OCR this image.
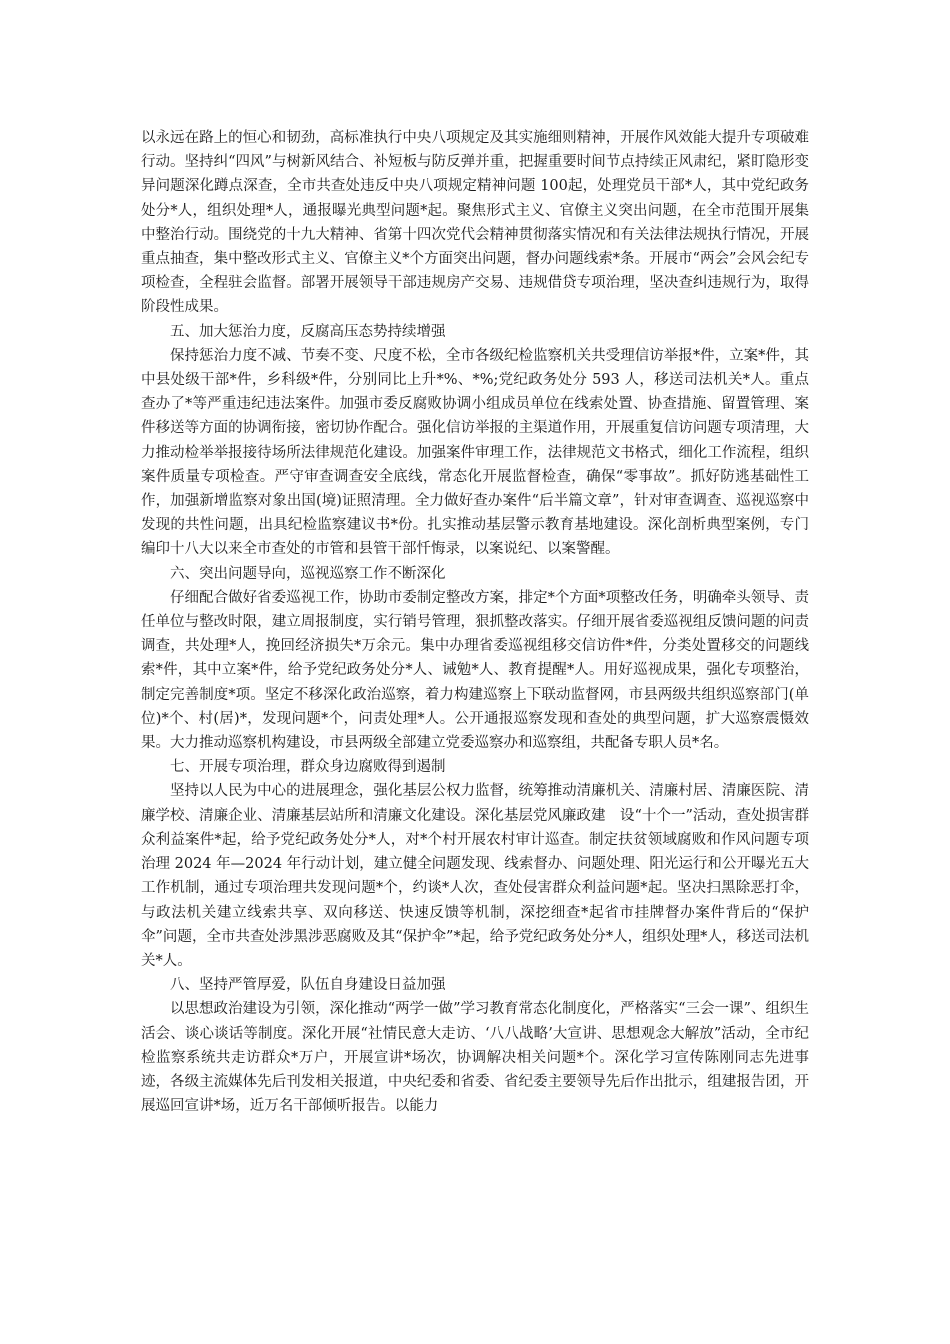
以永远在路上的恒心和韧劲，高标准执行中央八项规定及其实施细则精神，开展作风效能大提升专项破难行动。坚持纠“四风”与树新风结合、补短板与防反弹并重，把握重要时间节点持续正风肃纪，紧盯隐形变异问题深化蹲点深查，全市共查处违反中央八项规定精神问题 100起，处理党员干部*人，其中党纪政务处分*人，组织处理*人，通报曝光典型问题*起。聚焦形式主义、官僚主义突出问题，在全市范围开展集中整治行动。围绕党的十九大精神、省第十四次党代会精神贯彻落实情况和有关法律法规执行情况，开展重点抽查，集中整改形式主义、官僚主义*个方面突出问题，督办问题线索*条。开展市“两会”会风会纪专项检查，全程驻会监督。部署开展领导干部违规房产交易、违规借贷专项治理，坚决查纠违规行为，取得阶段性成果。

五、加大惩治力度，反腐高压态势持续增强

保持惩治力度不减、节奏不变、尺度不松，全市各级纪检监察机关共受理信访举报*件，立案*件，其中县处级干部*件，乡科级*件，分别同比上升*%、*%;党纪政务处分 593 人，移送司法机关*人。重点查办了*等严重违纪违法案件。加强市委反腐败协调小组成员单位在线索处置、协查措施、留置管理、案件移送等方面的协调衔接，密切协作配合。强化信访举报的主渠道作用，开展重复信访问题专项清理，大力推动检举举报接待场所法律规范化建设。加强案件审理工作，法律规范文书格式，细化工作流程，组织案件质量专项检查。严守审查调查安全底线，常态化开展监督检查，确保“零事故”。抓好防逃基础性工作，加强新增监察对象出国(境)证照清理。全力做好查办案件“后半篇文章”，针对审查调查、巡视巡察中发现的共性问题，出具纪检监察建议书*份。扎实推动基层警示教育基地建设。深化剖析典型案例，专门编印十八大以来全市查处的市管和县管干部忏悔录，以案说纪、以案警醒。

六、突出问题导向，巡视巡察工作不断深化

仔细配合做好省委巡视工作，协助市委制定整改方案，排定*个方面*项整改任务，明确牵头领导、责任单位与整改时限，建立周报制度，实行销号管理，狠抓整改落实。仔细开展省委巡视组反馈问题的问责调查，共处理*人，挽回经济损失*万余元。集中办理省委巡视组移交信访件*件，分类处置移交的问题线索*件，其中立案*件，给予党纪政务处分*人、诫勉*人、教育提醒*人。用好巡视成果，强化专项整治，制定完善制度*项。坚定不移深化政治巡察，着力构建巡察上下联动监督网，市县两级共组织巡察部门(单位)*个、村(居)*，发现问题*个，问责处理*人。公开通报巡察发现和查处的典型问题，扩大巡察震慑效果。大力推动巡察机构建设，市县两级全部建立党委巡察办和巡察组，共配备专职人员*名。

七、开展专项治理，群众身边腐败得到遏制

坚持以人民为中心的进展理念，强化基层公权力监督，统筹推动清廉机关、清廉村居、清廉医院、清廉学校、清廉企业、清廉基层站所和清廉文化建设。深化基层党风廉政建　设“十个一”活动，查处损害群众利益案件*起，给予党纪政务处分*人，对*个村开展农村审计巡查。制定扶贫领域腐败和作风问题专项治理 2024 年—2024 年行动计划，建立健全问题发现、线索督办、问题处理、阳光运行和公开曝光五大工作机制，通过专项治理共发现问题*个，约谈*人次，查处侵害群众利益问题*起。坚决扫黑除恶打伞，与政法机关建立线索共享、双向移送、快速反馈等机制，深挖细查*起省市挂牌督办案件背后的“保护伞”问题，全市共查处涉黑涉恶腐败及其“保护伞”*起，给予党纪政务处分*人，组织处理*人，移送司法机关*人。

八、坚持严管厚爱，队伍自身建设日益加强

以思想政治建设为引领，深化推动“两学一做”学习教育常态化制度化，严格落实“三会一课”、组织生活会、谈心谈话等制度。深化开展“社情民意大走访、‘八八战略’大宣讲、思想观念大解放”活动，全市纪检监察系统共走访群众*万户，开展宣讲*场次，协调解决相关问题*个。深化学习宣传陈刚同志先进事迹，各级主流媒体先后刊发相关报道，中央纪委和省委、省纪委主要领导先后作出批示，组建报告团，开展巡回宣讲*场，近万名干部倾听报告。以能力
